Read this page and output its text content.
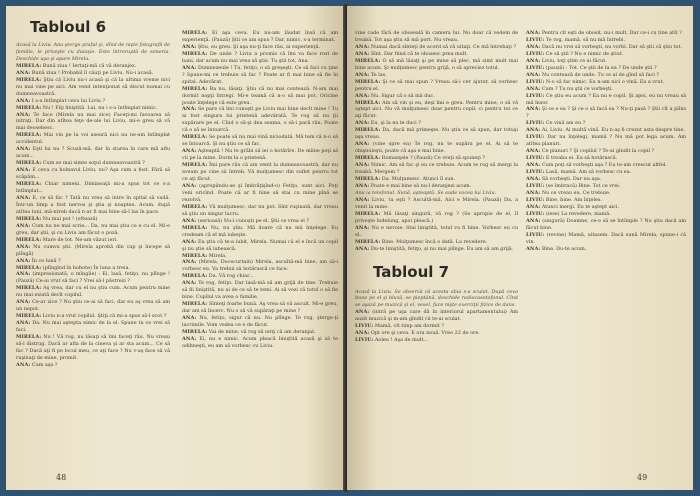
Tabloul 6

Acasă la Liviu. Ana şterge praful şi, dînd de nişte fotografii de familie, le priveşte cu duioşie. Este întreruptă de soneria. Deschide uşa şi apare Mirela.

MIRELA: Bună ziua ! Iertaţi-mă că vă deranjez.

ANA: Bună ziua ! Probabil îl căuţi pe Liviu. Nu-i acasă.

MIRELA: Ştiu că Liviu nu-i acasă şi că la ultima vreme nici nu mai vine pe aici. Am venit intenţionat să discut numai cu dumneavoastră.

ANA: I s-a întîmplat ceva lui Liviu ?

MIRELA: Nu ! Fiţi liniştită. Lui, nu i s-a întîmplat nimic.

ANA: Te face (Mirela nu mai zice) Faceţi-mi favoarea să intraţi. Dar din atîtea feţe de-ale lui Liviu, mi-e greu să vă mai deosebesc.

MIRELA: Mai vin pe la voi aseară nici nu ne-am întîmplat accidentul.

ANA: Eşti ba nu ? Scuză-mă, dar în starea în care mă aflu acum...

MIRELA: Cum se mai simte soţul dumneavoastră ?

ANA: E ceva cu bolnavul Liviu, nu? Aşa cum a fost. Fără să scăpăm...

MIRELA: Chiar nimeni. Dimineaţă mi-a spus tot ce s-a întîmplat...

ANA: E, ce să fac ? Tată nu vrea să intre în spital să vadă. Într-un timp a fost nervos şi ştia şi noaptea. Acum, după atîtea luni, mă-ntreb dacă n-ar fi mai bine să-l las în pace.

MIRELA: Nu mai pot ! (oftează)

ANA: Cum nu ne mai scrie... Da, nu mai ştiu ce e cu el. Mi-e greu, dar ştii, şi cu Liviu am făcut o poză.

MIRELA: Mare de tot. Ne-am văzut ieri.

ANA: Nu cumva ştii. (Mirela aprobă din cap şi începe să plîngă)

ANA: În ce lună ?

MIRELA: (plîngînd în hohote) În luna a treia.

ANA: (impresionată, o mîngîie) : Ei, lasă, fetiţo, nu plînge ! (Pauză) Ce-ai vrut să faci ? Vrei să-l păstrezi ?

MIRELA: Aş vrea, dar cu el nu ştiu cum. Acum pentru mine nu mai există decît copilul.

ANA: Ce-ar zice ? Nu ştiu ce-ai să faci, dar eu aş vrea să am un nepot.

MIRELA: Liviu n-a vrut copilul. Ştiţi că mi-a spus să-l scot ?

ANA: Da. Nu mai aştepta nimic de la el. Spune tu ce vrei să faci.

MIRELA: Nu ! Vă rog, nu lăsaţi să îmi faceţi rău. Nu vreau să-l distrug. Dacă ar afla de la cineva şi ar sta acum... Ce să fac ? Dacă aţi fi pe locul meu, ce aţi face ? Nu v-aş face să vă ruşinaţi de mine, promit.

ANA: Cum aşa ?

MIRELA: Ei aşa ceva. Eu nu-am lăudat însă că am experienţă. (Pauză) Ştii ce am spus ? Dar, nimic, s-a terminat.

ANA: Ştiu, eu greu. Şi aşa nu-ţi face rău, ai experienţă.

MIRELA: De unde ? Liviu a promis că îmi va face rost de bani, dar acum nu mai vrea să ştie. Tu ştii tot, Ana.

ANA: Dumnezeule ! Tu, fetiţo, o să greşeşti. Ce să faci cu ţine ? Spune-mi ce trebuie să fac ? Poate ar fi mai bine să fie în spital. Adevărat.

MIRELA: Ba nu, lăsaţi. Ştiu că nu mai contează. N-am mai dormit nopţi întregi. Mi-e teamă că n-o să mai pot. Oricine poate înţelege că este greu.

ANA: Se pare că îmi cunoşti pe Liviu mai bine decît mine ! Tu ai fost singura lui prietenă adevărată. Te rog să nu ţii supărare pe el. Cînd o să-şi dea seama, o să-i pară rău. Poate că o să se întoarcă.

MIRELA: Se poate să nu mai vină niciodată. Mă tem că n-o să se întoarcă. Şi nu ştiu ce să fac.

ANA: Aşteaptă ! Nu te grăbi să iei o hotărîre. De mîine poţi să vii pe la mine. Dorm la o prietenă.

MIRELA: Îmi pare rău că am venit la dumneavoastră, dar nu aveam pe cine să întreb. Vă mulţumesc din suflet pentru tot ce aţi făcut.

ANA: (apropiindu-se şi îmbrăţişînd-o) Fetiţo, sunt aici. Poţi veni oricînd. Poate că ar fi bine să stai cu mine pînă se rezolvă.

MIRELA: Vă mulţumesc, dar nu pot. Sînt ruşinată, dar vreau să ştiu un singur lucru.

ANA: (serioasă) Nu-i cunoşti pe el. Ştii ce vrea el ?

MIRELA: Nu, nu ştiu. Mă doare că nu mă înţelege. Eu credeam că el mă iubeşte.

ANA: Eu ştiu că te-a iubit, Mirela. Numai că el e încă un copil şi nu ştie să iubească.

MIRELA: Mirela.

ANA: (Mirela, Docecurtain) Mirela, ascultă-mă bine, am să-i vorbesc eu. Va trebui să hotărască ce face.

MIRELA: Da. Vă rog chiar...

ANA: Te rog, fetiţo. Dar lasă-mă să am grijă de tine. Trebuie să fii liniştită, nu ai de ce să te temi. Ai să vezi că totul o să fie bine. Copilul va avea o familie.

MIRELA: Sînteţi foarte bună. Aş vrea să vă ascult. Mi-e greu, dar am să încerc. Nu o să vă supăraţi pe mine ?

ANA: Nu, fetiţo, sigur că nu. Nu plînge. Te rog, şterge-ţi lacrimile. Vom vedea ce e de făcut.

MIRELA: Vai de mine, vă rog să ierţi că am deranjat.

ANA: Ei, nu e nimic. Acum pleacă liniştită acasă şi să te odihneşti, eu am să vorbesc cu Liviu.

48

vine cade fără de oboseală în camera lui. Nu doar că vedem de treabă. Tot aşa ştiu să mă port. Nu vreau.

ANA: Numai dacă sînteţi de acord să vă uitaţi. Ce mă întrebaţi ?

ANA: Sînt. Dar fiind că te obosesc prea mult.

MIRELA: O să mă lăsaţi şi pe mine să plec, mă simt mult mai bine acum. Şi mulţumesc pentru grijă, o să apreciez totul.

ANA: Te las.

MIRELA: Şi ce să mai spun ? Vreau să-i cer ajutor, să vorbesc pentru el.

ANA: Nu. Sigur că o să mă duc.

MIRELA: Am să vin şi eu, deşi îmi e greu. Pentru mine, o să vă aştept aici. Nu vă mulţumesc doar pentru copil, ci pentru tot ce aţi făcut.

ANA: Eu, şi la ea te duci ?

MIRELA: Da, dacă mă primeşte. Nu ştiu ce să spun, dar totuşi aşa vreau.

ANA: (vine spre ea) Te rog, nu te supăra pe el. Ai să te obişnuieşti, poate că aşa e mai bine.

MIRELA: Romanţele ? (Pauză) Ce vreţi să spuneţi ?

ANA: Nimic. Am să fac şi eu ce trebuie. Acum te rog să mergi la treabă. Mergem ?

MIRELA: Da. Mulţumesc. Atunci îl sun.

ANA: Poate e mai bine să nu-l deranjezi acum.

Ana ia telefonul. Sună, aşteaptă. Se aude vocea lui Liviu.

ANA: Liviu, tu eşti ? Ascultă-mă. Aici e Mirela. (Pauză) Da, a venit la mine.

MIRELA: Mă lăsaţi singură, vă rog ? (Se apropie de el, îl priveşte îndelung, apoi pleacă.)

ANA: Nu e nevoie. Stai liniştită, totul va fi bine. Vorbesc eu cu el.

MIRELA: Bine. Mulţumesc încă o dată. La revedere.

ANA: Du-te liniştită, fetiţo, şi nu mai plînge. Eu am să am grijă.

Tabloul 7

Acasă la Liviu. Se observă că acesta abia s-a sculat. După ceva bune pe el şi bluză, se pieptănă, deschide radiocasetofonul. Cînd se aşază pe muzică şi el, vesel, face nişte exerciţii fizice de dans.

ANA: (intră pe uşa care dă în interiorul apartamentului) Am auzit muzică şi m-am gîndit că te-ai sculat.

LIVIU: Mamă, cît timp am dormit ?

ANA: Opt ore şi ceva. E ora nouă. Vreo 22 de ore.

LIVIU: Aoleu ! Aşa de mult...

ANA: Pentru cît eşti de obosit, nu-i mult. Dar ce-i cu tine atît ?

LIVIU: Te rog, mamă, să nu mă întrebi.

ANA: Dacă nu vrei să vorbeşti, nu vorbi. Dar să ştii că ştiu tot.

LIVIU: Ce să ştii ? Nu e nimic de ştiut.

ANA: Liviu, toţi ştim ce ai făcut.

LIVIU: (pauză) : Tot. Ce ştii de la ea ? De unde ştii ?

ANA: Nu contează de unde. Tu ce ai de gînd să faci ?

LIVIU: N-o să fac nimic. Eu n-am nici o vină. Ea a vrut.

ANA: Cum ? Tu nu ştii ce vorbeşti.

LIVIU: Ce ştiu eu acum ? Ea nu e copil. Şi apoi, eu nu vreau să mă însor.

ANA: Şi ce e ea ? Şi ce o să facă ea ? Nu-ţi pasă ? Ştii cît a plîns ?

LIVIU: Ce vină am eu ?

ANA: Ai, Liviu. Ai multă vină. Eu n-aş fi crezut asta despre tine.

LIVIU: Dar nu înţelegi, mamă ? Nu mă pot lega acum. Am atîtea planuri.

ANA: Ce planuri ? Şi copilul ? Te-ai gîndit la copil ?

LIVIU: E treaba ei. Ea să hotărască.

ANA: Cum poţi să vorbeşti aşa ? Eu te-am crescut altfel.

LIVIU: Lasă, mamă. Am să vorbesc cu ea.

ANA: Să vorbeşti. Dar nu aşa.

LIVIU: (se îmbracă) Bine. Tot ce vrei.

ANA: Nu ce vreau eu. Ce trebuie.

LIVIU: Bine, bine. Am înţeles.

ANA: Atunci mergi. Eu te aştept aici.

LIVIU: (iese) La revedere, mamă.

ANA: (singură) Doamne, ce-o să se întîmple ? Nu ştiu dacă am făcut bine.

LIVIU: (revine) Mamă, uitasem. Dacă sună Mirela, spune-i că vin.

ANA: Bine. Du-te acum.

49
